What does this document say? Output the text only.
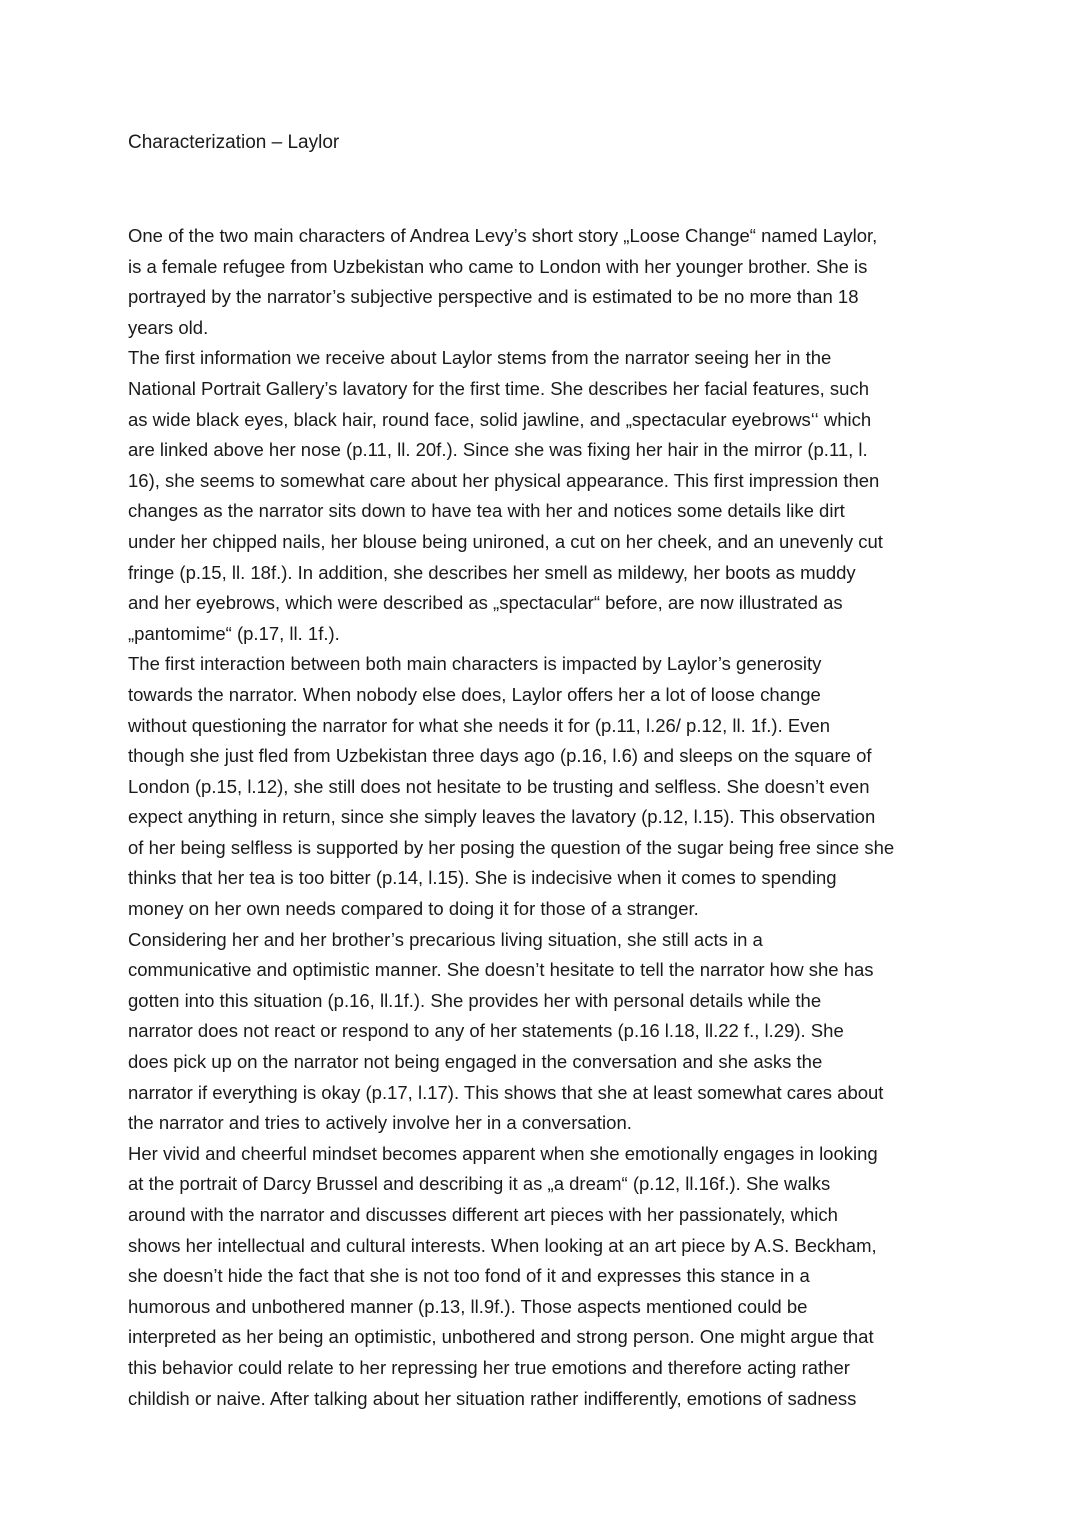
Characterization – Laylor
One of the two main characters of Andrea Levy’s short story „Loose Change“ named Laylor,
is a female refugee from Uzbekistan who came to London with her younger brother. She is
portrayed by the narrator’s subjective perspective and is estimated to be no more than 18
years old.
The first information we receive about Laylor stems from the narrator seeing her in the
National Portrait Gallery’s lavatory for the first time. She describes her facial features, such
as wide black eyes, black hair, round face, solid jawline, and „spectacular eyebrows‘‘ which
are linked above her nose (p.11, ll. 20f.). Since she was fixing her hair in the mirror (p.11, l.
16), she seems to somewhat care about her physical appearance. This first impression then
changes as the narrator sits down to have tea with her and notices some details like dirt
under her chipped nails, her blouse being unironed, a cut on her cheek, and an unevenly cut
fringe (p.15, ll. 18f.). In addition, she describes her smell as mildewy, her boots as muddy
and her eyebrows, which were described as „spectacular“ before, are now illustrated as
„pantomime“ (p.17, ll. 1f.).
The first interaction between both main characters is impacted by Laylor’s generosity
towards the narrator. When nobody else does, Laylor offers her a lot of loose change
without questioning the narrator for what she needs it for (p.11, l.26/ p.12, ll. 1f.). Even
though she just fled from Uzbekistan three days ago (p.16, l.6) and sleeps on the square of
London (p.15, l.12), she still does not hesitate to be trusting and selfless. She doesn’t even
expect anything in return, since she simply leaves the lavatory (p.12, l.15). This observation
of her being selfless is supported by her posing the question of the sugar being free since she
thinks that her tea is too bitter (p.14, l.15). She is indecisive when it comes to spending
money on her own needs compared to doing it for those of a stranger.
Considering her and her brother’s precarious living situation, she still acts in a
communicative and optimistic manner. She doesn’t hesitate to tell the narrator how she has
gotten into this situation (p.16, ll.1f.). She provides her with personal details while the
narrator does not react or respond to any of her statements (p.16 l.18, ll.22 f., l.29). She
does pick up on the narrator not being engaged in the conversation and she asks the
narrator if everything is okay (p.17, l.17). This shows that she at least somewhat cares about
the narrator and tries to actively involve her in a conversation.
Her vivid and cheerful mindset becomes apparent when she emotionally engages in looking
at the portrait of Darcy Brussel and describing it as „a dream“ (p.12, ll.16f.). She walks
around with the narrator and discusses different art pieces with her passionately, which
shows her intellectual and cultural interests. When looking at an art piece by A.S. Beckham,
she doesn’t hide the fact that she is not too fond of it and expresses this stance in a
humorous and unbothered manner (p.13, ll.9f.). Those aspects mentioned could be
interpreted as her being an optimistic, unbothered and strong person. One might argue that
this behavior could relate to her repressing her true emotions and therefore acting rather
childish or naive. After talking about her situation rather indifferently, emotions of sadness
